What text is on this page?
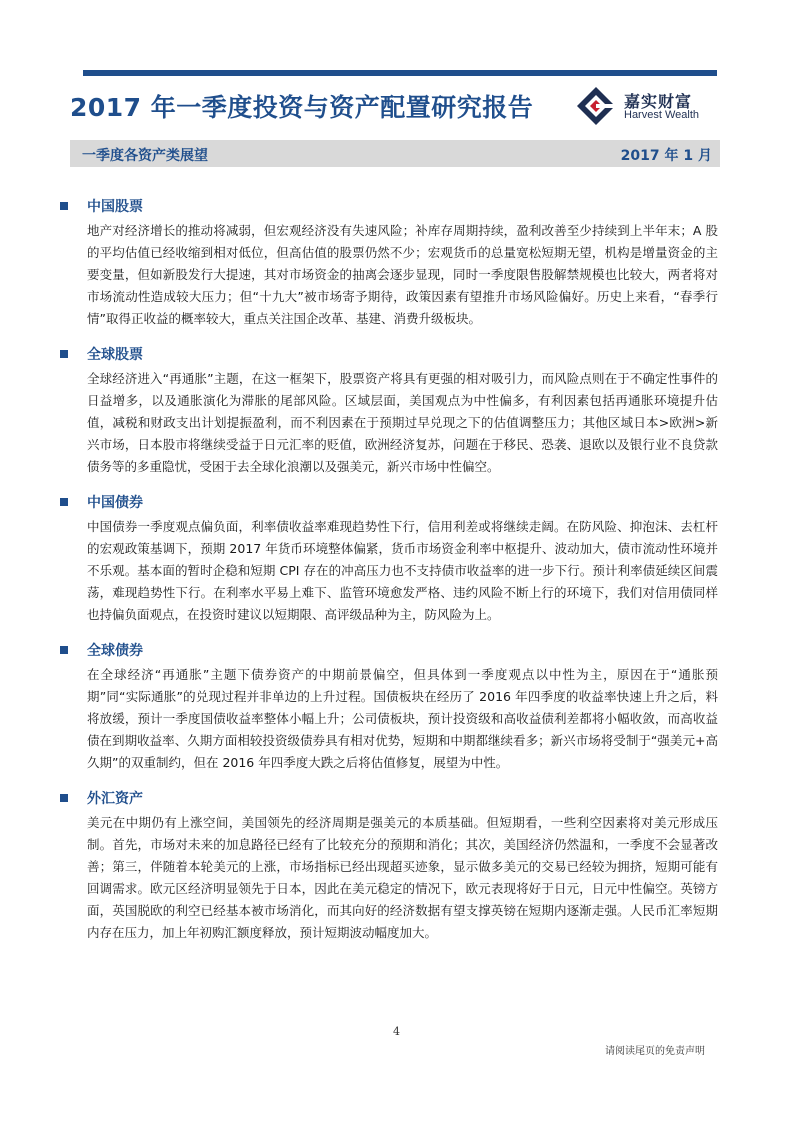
2017 年一季度投资与资产配置研究报告	嘉实财富
Harvest Wealth
一季度各资产类展望	2017 年 1 月
中国股票

地产对经济增长的推动将减弱，但宏观经济没有失速风险；补库存周期持续，盈利改善至少持续到上半年末；A 股的平均估值已经收缩到相对低位，但高估值的股票仍然不少；宏观货币的总量宽松短期无望，机构是增量资金的主要变量，但如新股发行大提速，其对市场资金的抽离会逐步显现，同时一季度限售股解禁规模也比较大，两者将对市场流动性造成较大压力；但“十九大”被市场寄予期待，政策因素有望推升市场风险偏好。历史上来看，“春季行情”取得正收益的概率较大，重点关注国企改革、基建、消费升级板块。

全球股票

全球经济进入“再通胀”主题，在这一框架下，股票资产将具有更强的相对吸引力，而风险点则在于不确定性事件的日益增多，以及通胀演化为滞胀的尾部风险。区域层面，美国观点为中性偏多，有利因素包括再通胀环境提升估值，减税和财政支出计划提振盈利，而不利因素在于预期过早兑现之下的估值调整压力；其他区域日本>欧洲>新兴市场，日本股市将继续受益于日元汇率的贬值，欧洲经济复苏，问题在于移民、恐袭、退欧以及银行业不良贷款债务等的多重隐忧，受困于去全球化浪潮以及强美元，新兴市场中性偏空。

中国债券

中国债券一季度观点偏负面，利率债收益率难现趋势性下行，信用利差或将继续走阔。在防风险、抑泡沫、去杠杆的宏观政策基调下，预期 2017 年货币环境整体偏紧，货币市场资金利率中枢提升、波动加大，债市流动性环境并不乐观。基本面的暂时企稳和短期 CPI 存在的冲高压力也不支持债市收益率的进一步下行。预计利率债延续区间震荡，难现趋势性下行。在利率水平易上难下、监管环境愈发严格、违约风险不断上行的环境下，我们对信用债同样也持偏负面观点，在投资时建议以短期限、高评级品种为主，防风险为上。

全球债券

在全球经济“再通胀”主题下债券资产的中期前景偏空，但具体到一季度观点以中性为主，原因在于“通胀预期”同“实际通胀”的兑现过程并非单边的上升过程。国债板块在经历了 2016 年四季度的收益率快速上升之后，料将放缓，预计一季度国债收益率整体小幅上升；公司债板块，预计投资级和高收益债利差都将小幅收敛，而高收益债在到期收益率、久期方面相较投资级债券具有相对优势，短期和中期都继续看多；新兴市场将受制于“强美元+高久期”的双重制约，但在 2016 年四季度大跌之后将估值修复，展望为中性。

外汇资产

美元在中期仍有上涨空间，美国领先的经济周期是强美元的本质基础。但短期看，一些利空因素将对美元形成压制。首先，市场对未来的加息路径已经有了比较充分的预期和消化；其次，美国经济仍然温和，一季度不会显著改善；第三，伴随着本轮美元的上涨，市场指标已经出现超买迹象，显示做多美元的交易已经较为拥挤，短期可能有回调需求。欧元区经济明显领先于日本，因此在美元稳定的情况下，欧元表现将好于日元，日元中性偏空。英镑方面，英国脱欧的利空已经基本被市场消化，而其向好的经济数据有望支撑英镑在短期内逐渐走强。人民币汇率短期内存在压力，加上年初购汇额度释放，预计短期波动幅度加大。

4
请阅读尾页的免责声明
